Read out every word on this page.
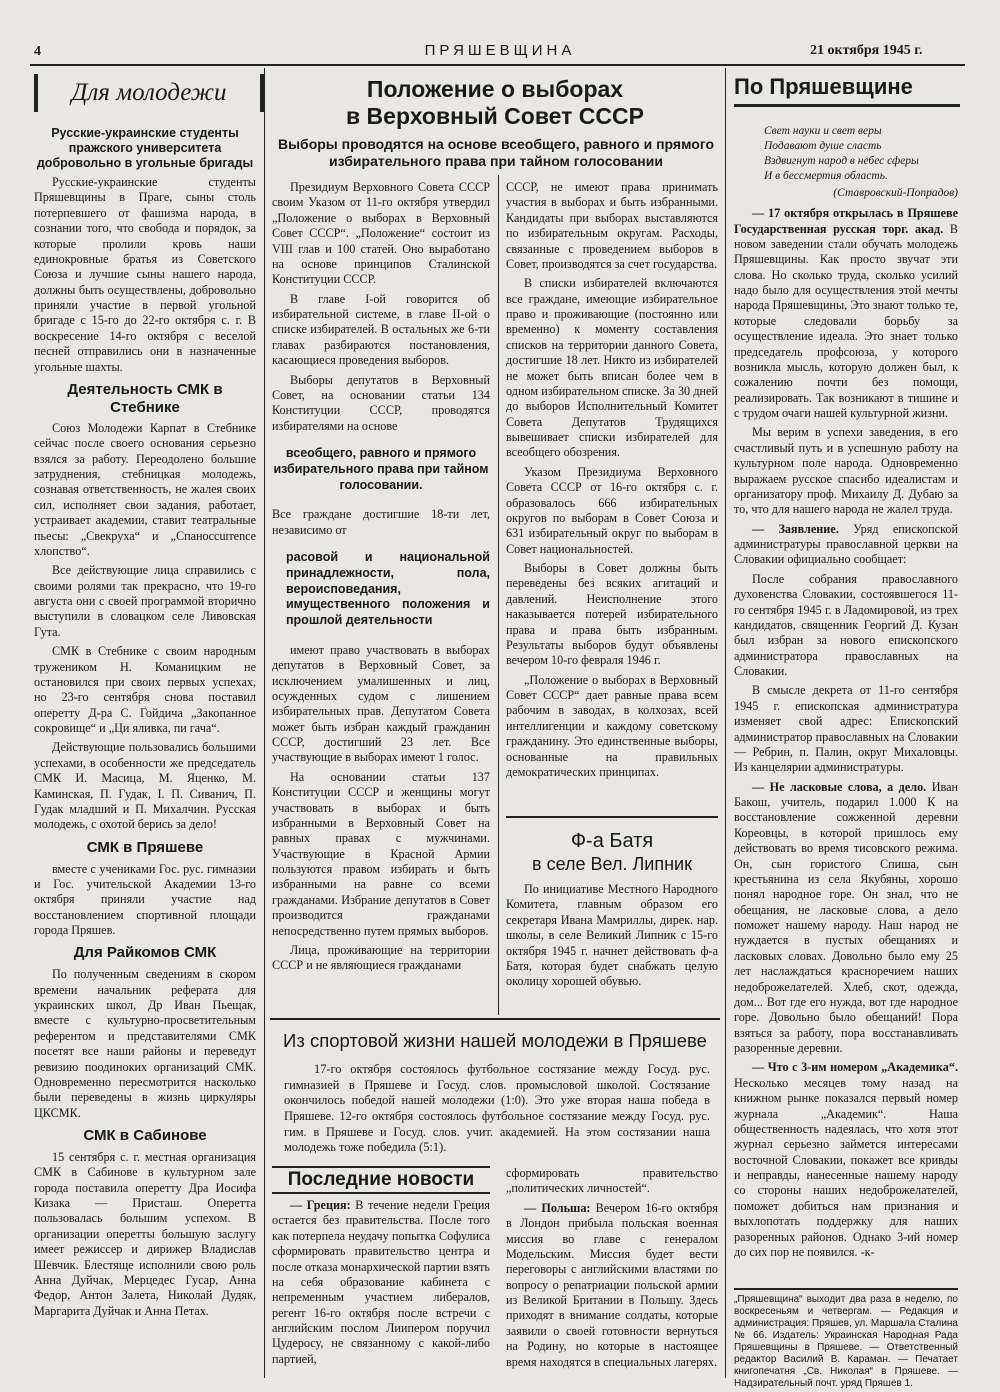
4	ПРЯШЕВЩИНА	21 октября 1945 г.
Для молодежи
Русские-украинские студенты пражского университета добровольно в угольные бригады

Русские-украинские студенты Пряшевщины в Праге, сыны столь потерпевшего от фашизма народа, в сознании того, что свобода и порядок, за которые пролили кровь наши единокровные братья из Советского Союза и лучшие сыны нашего народа, должны быть осуществлены, добровольно приняли участие в первой угольной бригаде с 15-го до 22-го октября с. г. В воскресение 14-го октября с веселой песней отправились они в назначенные угольные шахты.

Деятельность СМК в Стебнике

Союз Молодежи Карпат в Стебнике сейчас после своего основания серьезно взялся за работу. Переодолено большие затруднения, стебницкая молодежь, сознавая ответственность, не жалея своих сил, исполняет свои задания, работает, устраивает академии, ставит театральные пьесы: „Свекруха“ и „Спанoccurrence хлопство“.

Все действующие лица справились с своими ролями так прекрасно, что 19-го августа они с своей программой вторично выступили в словацком селе Ливовская Гута.

СМК в Стебнике с своим народным тружеником Н. Команицким не остановился при своих первых успехах, но 23-го сентября снова поставил оперетту Д-ра С. Гойдича „Закопанное сокровище“ и „Ци яливка, пи гача“.

Действующие пользовались большими успехами, в особенности же председатель СМК И. Масица, М. Яценко, М. Каминская, П. Гудак, І. П. Сиванич, П. Гудак младший и П. Михалчин. Русская молодежь, с охотой берись за дело!

СМК в Пряшеве

вместе с учениками Гос. рус. гимназии и Гос. учительской Академии 13-го октября приняли участие над восстановлением спортивной площади города Пряшев.

Для Райкомов СМК

По полученным сведениям в скором времени начальник реферата для украинских школ, Др Иван Пьещак, вместе с культурно-просветительным референтом и представителями СМК посетят все наши районы и переведут ревизию поодиноких организаций СМК. Одновременно пересмотрится насколько были переведены в жизнь циркуляры ЦКСМК.

СМК в Сабинове

15 сентября с. г. местная организация СМК в Сабинове в культурном зале города поставила оперетту Дра Иосифа Кизака — Присташ. Оперетта пользовалась большим успехом. В организации оперетты большую заслугу имеет режиссер и дирижер Владислав Шевчик. Блестяще исполнили свою роль Анна Дуйчак, Мерцедес Гусар, Анна Федор, Антон Залета, Николай Дудяк, Маргарита Дуйчак и Анна Петах.

Положение о выборах
в Верховный Совет СССР
Выборы проводятся на основе всеобщего, равного и прямого избирательного права при тайном голосовании

Президиум Верховного Совета СССР своим Указом от 11-го октября утвердил „Положение о выборах в Верховный Совет СССР“. „Положение“ состоит из VIII глав и 100 статей. Оно выработано на основе принципов Сталинской Конституции СССР.

В главе I-ой говорится об избирательной системе, в главе II-ой о списке избирателей. В остальных же 6-ти главах разбираются постановления, касающиеся проведения выборов.

Выборы депутатов в Верховный Совет, на основании статьи 134 Конституции СССР, проводятся избирателями на основе

всеобщего, равного и прямого избирательного права при тайном голосовании.

Все граждане достигшие 18-ти лет, независимо от

расовой и национальной принадлежности, пола, вероисповедания, имущественного положения и прошлой деятельности

имеют право участвовать в выборах депутатов в Верховный Совет, за исключением умалишенных и лиц, осужденных судом с лишением избирательных прав. Депутатом Совета может быть избран каждый гражданин СССР, достигший 23 лет. Все участвующие в выборах имеют 1 голос.

На основании статьи 137 Конституции СССР и женщины могут участвовать в выборах и быть избранными в Верховный Совет на равных правах с мужчинами. Участвующие в Красной Армии пользуются правом избирать и быть избранными на равне со всеми гражданами. Избрание депутатов в Совет производится гражданами непосредственно путем прямых выборов.

Лица, проживающие на территории СССР и не являющиеся гражданами

СССР, не имеют права принимать участия в выборах и быть избранными. Кандидаты при выборах выставляются по избирательным округам. Расходы, связанные с проведением выборов в Совет, производятся за счет государства.

В списки избирателей включаются все граждане, имеющие избирательное право и проживающие (постоянно или временно) к моменту составления списков на территории данного Совета, достигшие 18 лет. Никто из избирателей не может быть вписан более чем в одном избирательном списке. За 30 дней до выборов Исполнительный Комитет Совета Депутатов Трудящихся вывешивает списки избирателей для всеобщего обозрения.

Указом Президиума Верховного Совета СССР от 16-го октября с. г. образовалось 666 избирательных округов по выборам в Совет Союза и 631 избирательный округ по выборам в Совет национальностей.

Выборы в Совет должны быть переведены без всяких агитаций и давлений. Неисполнение этого наказывается потерей избирательного права и права быть избранным. Результаты выборов будут объявлены вечером 10-го февраля 1946 г.

„Положение о выборах в Верховный Совет СССР“ дает равные права всем рабочим в заводах, в колхозах, всей интеллигенции и каждому советскому гражданину. Это единственные выборы, основанные на правильных демократических принципах.

Ф-а Батя
в селе Вел. Липник

По инициативе Местного Народного Комитета, главным образом его секретаря Ивана Мамриллы, дирек. нар. школы, в селе Великий Липник с 15-го октября 1945 г. начнет действовать ф-а Батя, которая будет снабжать целую околицу хорошей обувью.

Из спортовой жизни нашей молодежи в Пряшеве

17-го октября состоялось футбольное состязание между Госуд. рус. гимназией в Пряшеве и Госуд. слов. промысловой школой. Состязание окончилось победой нашей молодежи (1:0). Это уже вторая наша победа в Пряшеве. 12-го октября состоялось футбольное состязание между Госуд. рус. гим. в Пряшеве и Госуд. слов. учит. академией. На этом состязании наша молодежь тоже победила (5:1).

Последние новости

— Греция: В течение недели Греция остается без правительства. После того как потерпела неудачу попытка Софулиса сформировать правительство центра и после отказа монархической партии взять на себя образование кабинета с непременным участием либералов, регент 16-го октября после встречи с английским послом Лиипером поручил Цудеросу, не связанному с какой-либо партией,

сформировать правительство „политических личностей“.

— Польша: Вечером 16-го октября в Лондон прибыла польская военная миссия во главе с генералом Модельским. Миссия будет вести переговоры с английскими властями по вопросу о репатриации польской армии из Великой Британии в Польшу. Здесь приходят в внимание солдаты, которые заявили о своей готовности вернуться на Родину, но которые в настоящее время находятся в специальных лагерях.

По Пряшевщине
Свет науки и свет веры
Подавают душе сласть
Вздвигнут народ в небес сферы
И в бессмертия область.
(Ставровский-Попрадов)

— 17 октября открылась в Пряшеве Государственная русская торг. акад. В новом заведении стали обучать молодежь Пряшевщины. Как просто звучат эти слова. Но сколько труда, сколько усилий надо было для осуществления этой мечты народа Пряшевщины, Это знают только те, которые следовали борьбу за осуществление идеала. Это знает только председатель профсоюза, у которого возникла мысль, которую должен был, к сожалению почти без помощи, реализировать. Так возникают в тишине и с трудом очаги нашей культурной жизни.

Мы верим в успехи заведения, в его счастливый путь и в успешную работу на культурном поле народа. Одновременно выражаем русское спасибо идеалистам и организатору проф. Михаилу Д. Дубаю за то, что для нашего народа не жалел труда.

— Заявление. Уряд епископской администратуры православной церкви на Словакии официально сообщает:

После собрания православного духовенства Словакии, состоявшегося 11-го сентября 1945 г. в Ладомировой, из трех кандидатов, священник Георгий Д. Кузан был избран за нового епископского администратора православных на Словакии.

В смысле декрета от 11-го сентября 1945 г. епископская администратура изменяет свой адрес: Епископский администратор православных на Словакии — Ребрин, п. Палин, округ Михаловцы. Из канцелярии администратуры.

— Не ласковые слова, а дело. Иван Бакош, учитель, подарил 1.000 К на восстановление сожженной деревни Кореовцы, в которой пришлось ему действовать во время тисовского режима. Он, сын гористого Спиша, сын крестьянина из села Якубяны, хорошо понял народное горе. Он знал, что не обещания, не ласковые слова, а дело поможет нашему народу. Наш народ не нуждается в пустых обещаниях и ласковых словах. Довольно было ему 25 лет наслаждаться красноречием наших недоброжелателей. Хлеб, скот, одежда, дом... Вот где его нужда, вот где народное горе. Довольно было обещаний! Пора взяться за работу, пора восстанавливать разоренные деревни.

— Что с 3-им номером „Академика“. Несколько месяцев тому назад на книжном рынке показался первый номер журнала „Академик“. Наша общественность надеялась, что хотя этот журнал серьезно займется интересами восточной Словакии, покажет все кривды и неправды, нанесенные нашему народу со стороны наших недоброжелателей, поможет добиться нам признания и выхлопотать поддержку для наших разоренных районов. Однако 3-ий номер до сих пор не появился. -к-

„Пряшевщина“ выходит два раза в неделю, по воскресеньям и четвергам. — Редакция и администрация: Пряшев, ул. Маршала Сталина № 66. Издатель: Украинская Народная Рада Пряшевщины в Пряшеве. — Ответственный редактор Василий В. Караман. — Печатает книгопечатня „Св. Николая“ в Пряшеве. — Надзирательный почт. уряд Пряшев 1.
